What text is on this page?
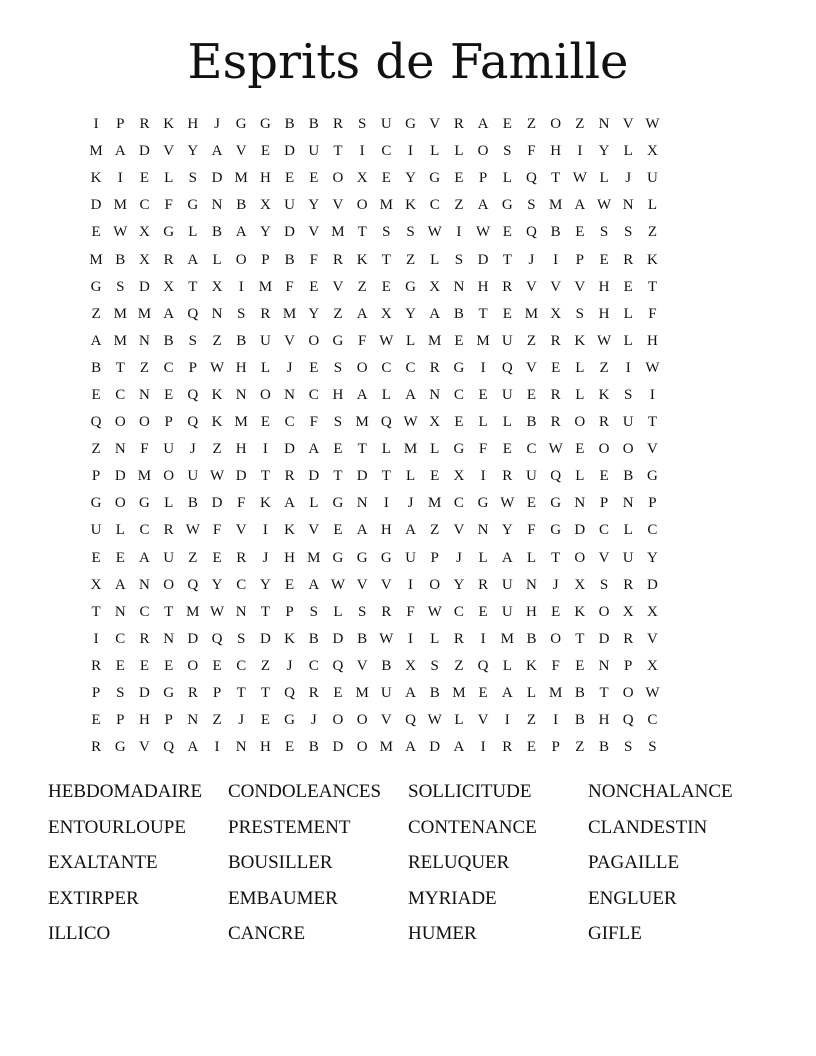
Esprits de Famille
I	P	R K H	J	G G B B R	S U G V R A E	Z O Z N V W
M A D V Y A V E D U T	I	C	I	L	L O S	F H	I	Y L X
K	I	E	L	S D M H E	E O X E Y G E	P	L Q T W L	J	U
D M C	F G N B X U Y V O M K C Z A G S M A W N L
E W X G L B A Y D V M T	S	S W I W E Q B E	S	S	Z
M B X R A L O P	B	F	R K T	Z	L	S D T	J	I	P	E R K
G S D X T X	I	M F	E V Z	E G X N H R V V V H E	T
Z M M A Q N S	R M Y Z A X Y A B T	E M X S H L	F
A M N B	S	Z B U V O G F W L M E M U Z R K W L H
B T	Z C	P W H L	J	E	S O C C R G	I	Q V E	L	Z	I W
E C N E Q K N O N C H A L A N C E U E R L K S	I
Q O O P Q K M E C	F	S M Q W X E	L	L B R O R U T
Z N F U	J	Z H	I	D A E	T	L M L G F	E C W E O O V
P D M O U W D T R D T D T	L	E X	I	R U Q L	E B G
G O G L B D F K A L G N	I	J M C G W E G N P N P
U L C R W F V	I	K V E A H A Z V N Y F G D C L C
E	E A U Z	E R	J	H M G G G U P	J	L A L	T O V U Y
X A N O Q Y C Y E A W V V	I	O Y R U N	J	X S	R D
T N C T M W N T	P	S	L	S	R	F W C E U H E K O X X
I	C R N D Q S D K B D B W I	L R	I	M B O T D R V
R E	E	E O E C Z	J	C Q V B X S	Z Q L K F	E N P X
P	S D G R	P	T	T Q R E M U A B M E A L M B T O W
E	P H P N Z	J	E G	J	O O V Q W L V	I	Z	I	B H Q C
R G V Q A	I	N H E B D O M A D A	I	R E	P	Z B	S	S
HEBDOMADAIRE	CONDOLEANCES	SOLLICITUDE	NONCHALANCE
ENTOURLOUPE	PRESTEMENT	CONTENANCE	CLANDESTIN
EXALTANTE	BOUSILLER	RELUQUER	PAGAILLE
EXTIRPER	EMBAUMER	MYRIADE	ENGLUER
ILLICO	CANCRE	HUMER	GIFLE
